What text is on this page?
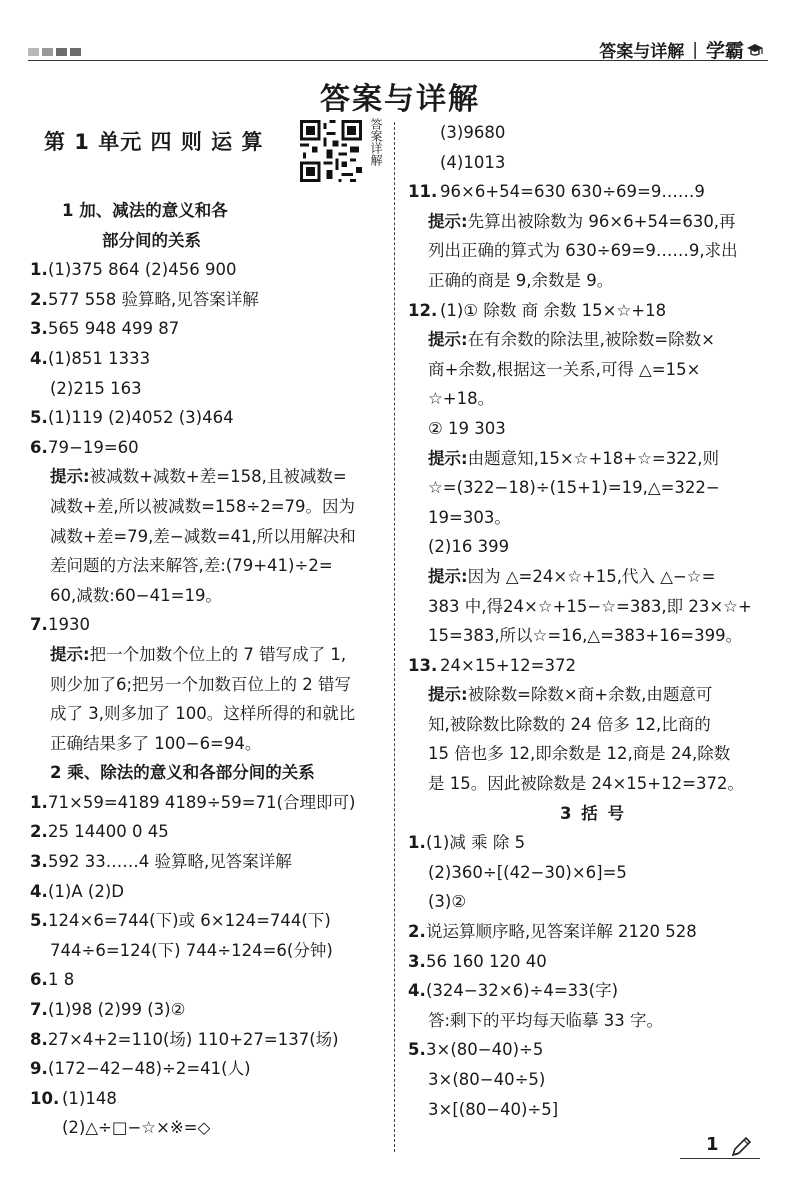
答案与详解 | 学霸
答案与详解
第 1 单元 四 则 运 算	答案详解
1 加、减法的意义和各
部分间的关系
1.(1)375 864 (2)456 900
2.577 558 验算略,见答案详解
3.565 948 499 87
4.(1)851 1333
(2)215 163
5.(1)119 (2)4052 (3)464
6.79−19=60
提示:被减数+减数+差=158,且被减数=
减数+差,所以被减数=158÷2=79。因为
减数+差=79,差−减数=41,所以用解决和
差问题的方法来解答,差:(79+41)÷2=
60,减数:60−41=19。
7.1930
提示:把一个加数个位上的 7 错写成了 1,
则少加了6;把另一个加数百位上的 2 错写
成了 3,则多加了 100。这样所得的和就比
正确结果多了 100−6=94。
2 乘、除法的意义和各部分间的关系
1.71×59=4189 4189÷59=71(合理即可)
2.25 14400 0 45
3.592 33……4 验算略,见答案详解
4.(1)A (2)D
5.124×6=744(下)或 6×124=744(下)
744÷6=124(下) 744÷124=6(分钟)
6.1 8
7.(1)98 (2)99 (3)②
8.27×4+2=110(场) 110+27=137(场)
9.(172−42−48)÷2=41(人)
10. (1)148
(2)△÷□−☆×※=◇
(3)9680
(4)1013
11. 96×6+54=630 630÷69=9……9
提示:先算出被除数为 96×6+54=630,再
列出正确的算式为 630÷69=9……9,求出
正确的商是 9,余数是 9。
12. (1)① 除数 商 余数 15×☆+18
提示:在有余数的除法里,被除数=除数×
商+余数,根据这一关系,可得 △=15×
☆+18。
② 19 303
提示:由题意知,15×☆+18+☆=322,则
☆=(322−18)÷(15+1)=19,△=322−
19=303。
(2)16 399
提示:因为 △=24×☆+15,代入 △−☆=
383 中,得24×☆+15−☆=383,即 23×☆+
15=383,所以☆=16,△=383+16=399。
13. 24×15+12=372
提示:被除数=除数×商+余数,由题意可
知,被除数比除数的 24 倍多 12,比商的
15 倍也多 12,即余数是 12,商是 24,除数
是 15。因此被除数是 24×15+12=372。
3 括 号
1.(1)减 乘 除 5
(2)360÷[(42−30)×6]=5
(3)②
2.说运算顺序略,见答案详解 2120 528
3.56 160 120 40
4.(324−32×6)÷4=33(字)
答:剩下的平均每天临摹 33 字。
5.3×(80−40)÷5
3×(80−40÷5)
3×[(80−40)÷5]
1
